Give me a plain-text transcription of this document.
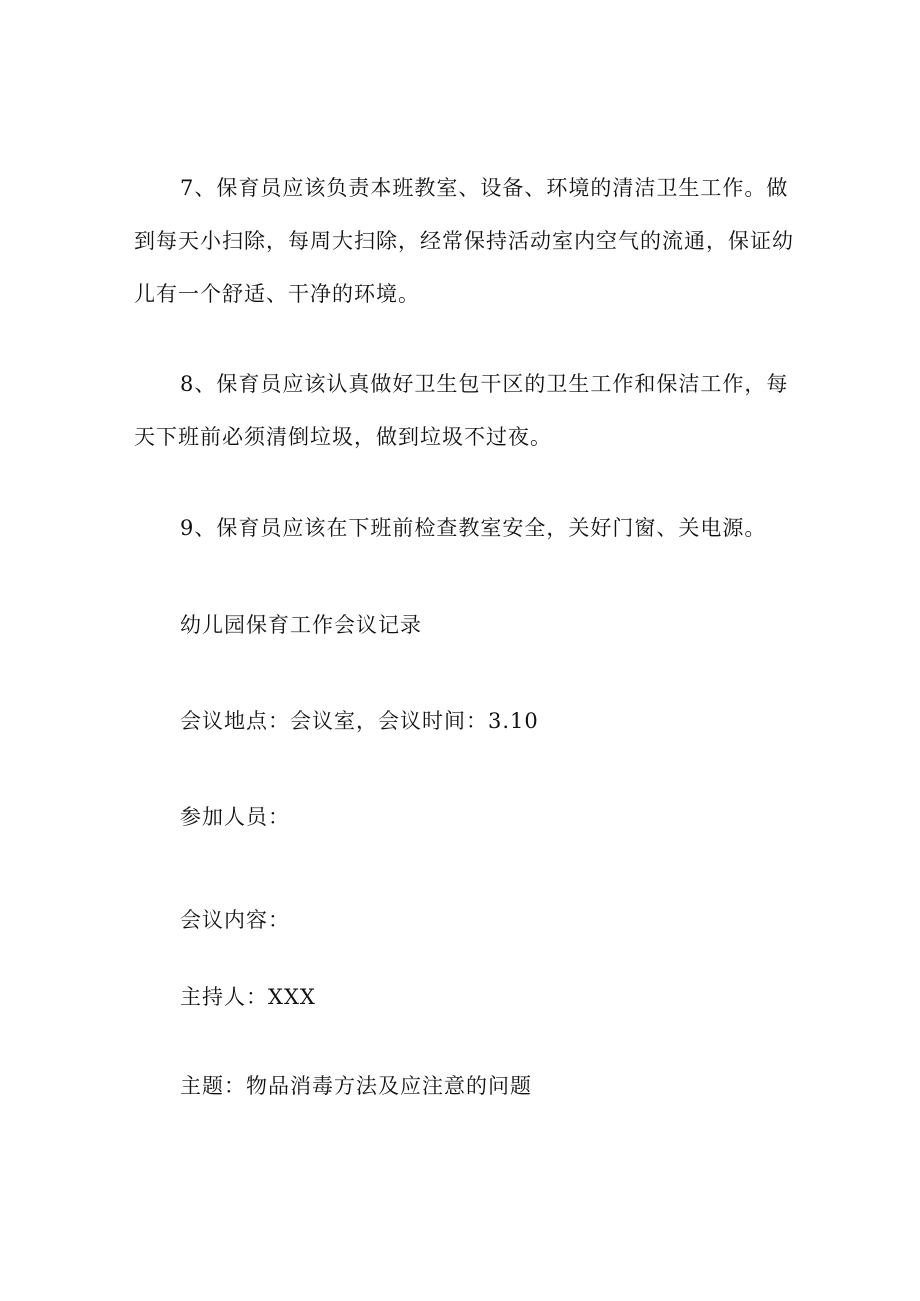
7、保育员应该负责本班教室、设备、环境的清洁卫生工作。做到每天小扫除，每周大扫除，经常保持活动室内空气的流通，保证幼儿有一个舒适、干净的环境。

8、保育员应该认真做好卫生包干区的卫生工作和保洁工作，每天下班前必须清倒垃圾，做到垃圾不过夜。

9、保育员应该在下班前检查教室安全，关好门窗、关电源。

幼儿园保育工作会议记录

会议地点：会议室，会议时间：3.10

参加人员：

会议内容：

主持人：XXX

主题：物品消毒方法及应注意的问题
